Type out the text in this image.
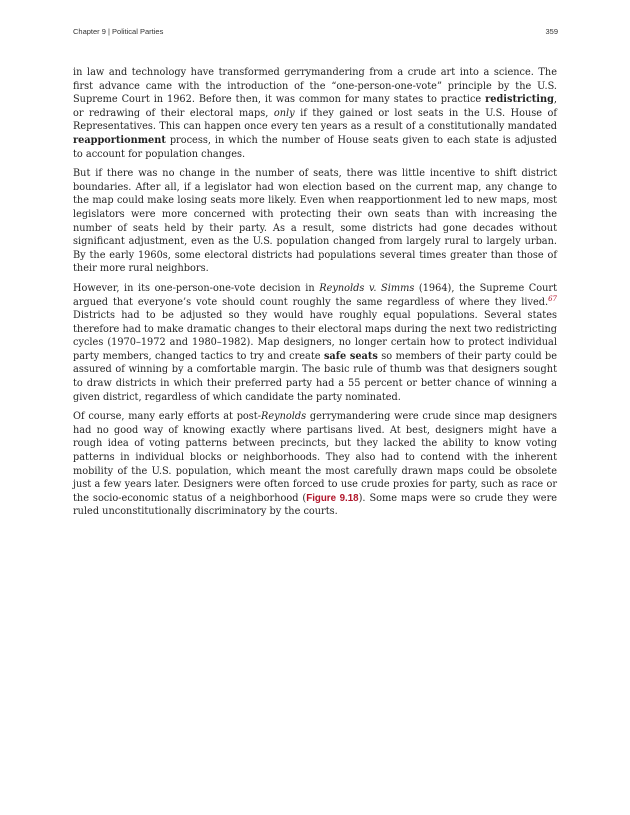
Chapter 9 | Political Parties	359

in law and technology have transformed gerrymandering from a crude art into a science. The first advance came with the introduction of the “one-person-one-vote” principle by the U.S. Supreme Court in 1962. Before then, it was common for many states to practice redistricting, or redrawing of their electoral maps, only if they gained or lost seats in the U.S. House of Representatives. This can happen once every ten years as a result of a constitutionally mandated reapportionment process, in which the number of House seats given to each state is adjusted to account for population changes.

But if there was no change in the number of seats, there was little incentive to shift district boundaries. After all, if a legislator had won election based on the current map, any change to the map could make losing seats more likely. Even when reapportionment led to new maps, most legislators were more concerned with protecting their own seats than with increasing the number of seats held by their party. As a result, some districts had gone decades without significant adjustment, even as the U.S. population changed from largely rural to largely urban. By the early 1960s, some electoral districts had populations several times greater than those of their more rural neighbors.

However, in its one-person-one-vote decision in Reynolds v. Simms (1964), the Supreme Court argued that everyone’s vote should count roughly the same regardless of where they lived.$^{67}$ Districts had to be adjusted so they would have roughly equal populations. Several states therefore had to make dramatic changes to their electoral maps during the next two redistricting cycles (1970–1972 and 1980–1982). Map designers, no longer certain how to protect individual party members, changed tactics to try and create safe seats so members of their party could be assured of winning by a comfortable margin. The basic rule of thumb was that designers sought to draw districts in which their preferred party had a 55 percent or better chance of winning a given district, regardless of which candidate the party nominated.

Of course, many early efforts at post-Reynolds gerrymandering were crude since map designers had no good way of knowing exactly where partisans lived. At best, designers might have a rough idea of voting patterns between precincts, but they lacked the ability to know voting patterns in individual blocks or neighborhoods. They also had to contend with the inherent mobility of the U.S. population, which meant the most carefully drawn maps could be obsolete just a few years later. Designers were often forced to use crude proxies for party, such as race or the socio-economic status of a neighborhood (Figure 9.18). Some maps were so crude they were ruled unconstitutionally discriminatory by the courts.
